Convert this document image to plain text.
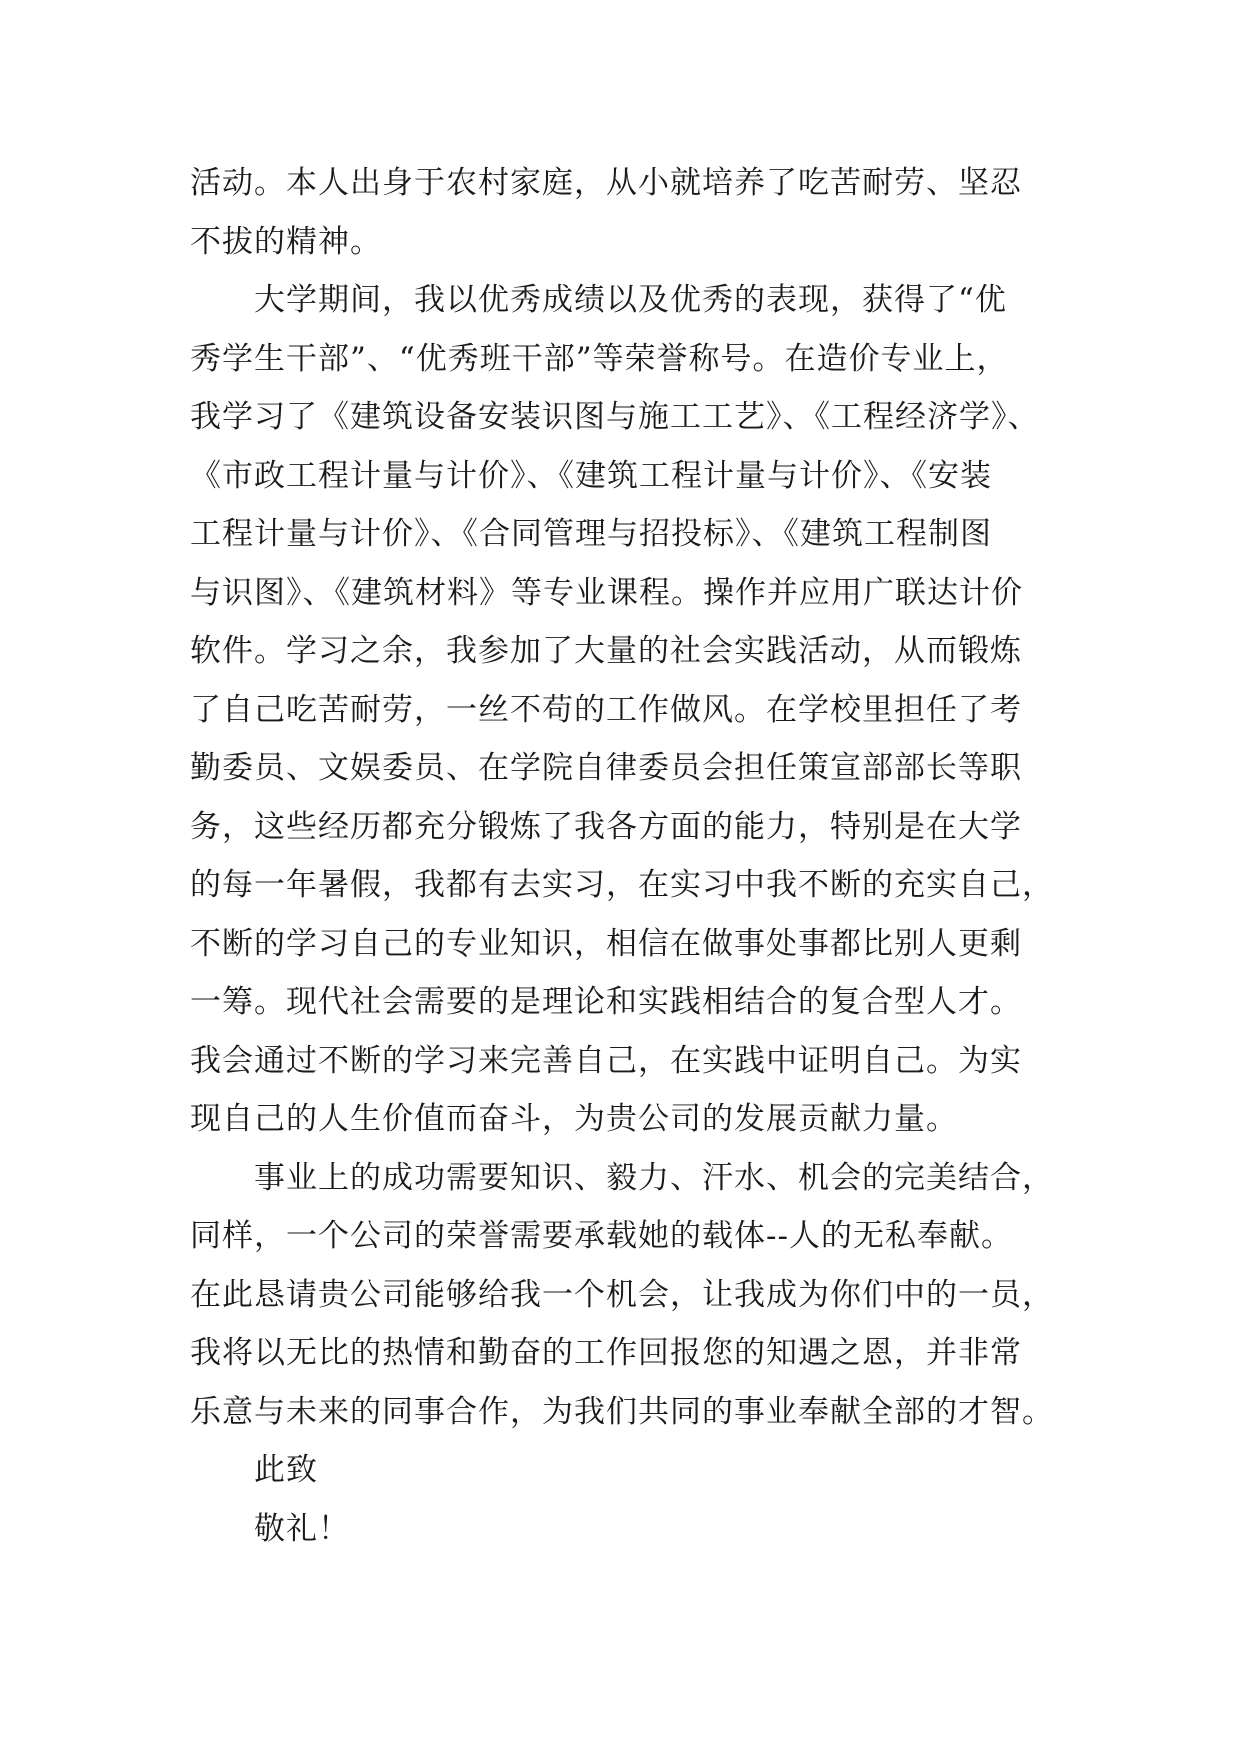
活动。本人出身于农村家庭，从小就培养了吃苦耐劳、坚忍
不拔的精神。
　　大学期间，我以优秀成绩以及优秀的表现，获得了“优
秀学生干部”、“优秀班干部”等荣誉称号。在造价专业上，
我学习了《建筑设备安装识图与施工工艺》、《工程经济学》、
《市政工程计量与计价》、《建筑工程计量与计价》、《安装
工程计量与计价》、《合同管理与招投标》、《建筑工程制图
与识图》、《建筑材料》等专业课程。操作并应用广联达计价
软件。学习之余，我参加了大量的社会实践活动，从而锻炼
了自己吃苦耐劳，一丝不苟的工作做风。在学校里担任了考
勤委员、文娱委员、在学院自律委员会担任策宣部部长等职
务，这些经历都充分锻炼了我各方面的能力，特别是在大学
的每一年暑假，我都有去实习，在实习中我不断的充实自己，
不断的学习自己的专业知识，相信在做事处事都比别人更剩
一筹。现代社会需要的是理论和实践相结合的复合型人才。
我会通过不断的学习来完善自己，在实践中证明自己。为实
现自己的人生价值而奋斗，为贵公司的发展贡献力量。
　　事业上的成功需要知识、毅力、汗水、机会的完美结合，
同样，一个公司的荣誉需要承载她的载体--人的无私奉献。
在此恳请贵公司能够给我一个机会，让我成为你们中的一员，
我将以无比的热情和勤奋的工作回报您的知遇之恩，并非常
乐意与未来的同事合作，为我们共同的事业奉献全部的才智。
　　此致
　　敬礼！
